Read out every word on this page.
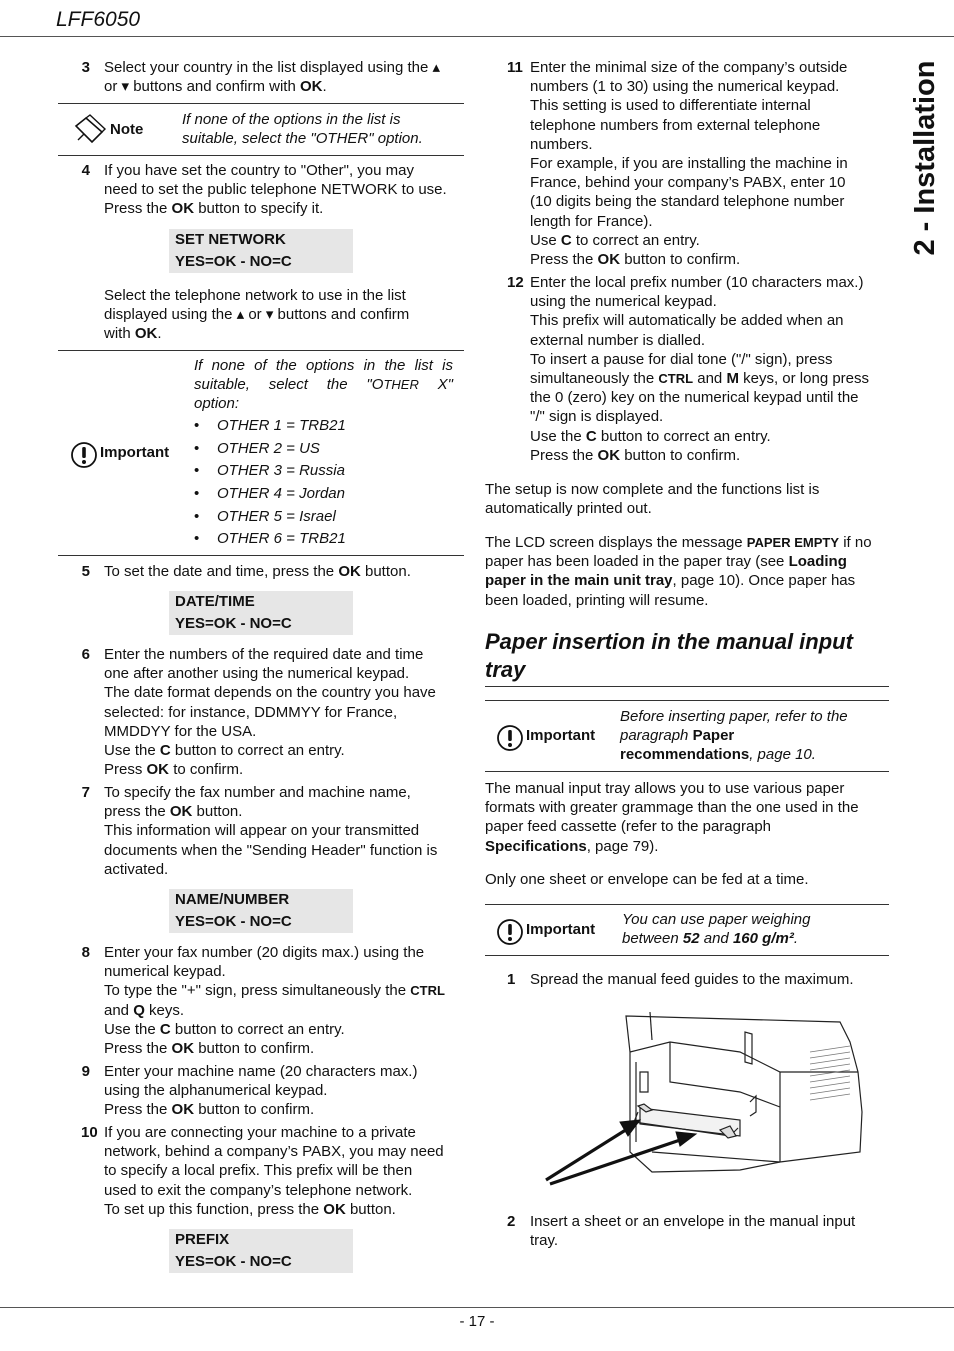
LFF6050
2 - Installation
3 Select your country in the list displayed using the ▴
or ▾ buttons and confirm with OK.
Note
If none of the options in the list is
suitable, select the "OTHER" option.
4 If you have set the country to "Other", you may
need to set the public telephone NETWORK to use.
Press the OK button to specify it.
SET NETWORK
YES=OK - NO=C
Select the telephone network to use in the list
displayed using the ▴ or ▾ buttons and confirm
with OK.
Important
If none of the options in the list is
suitable, select the "OTHER X"
option:
• OTHER 1 = TRB21
• OTHER 2 = US
• OTHER 3 = Russia
• OTHER 4 = Jordan
• OTHER 5 = Israel
• OTHER 6 = TRB21
5 To set the date and time, press the OK button.
DATE/TIME
YES=OK - NO=C
6 Enter the numbers of the required date and time
one after another using the numerical keypad.
The date format depends on the country you have
selected: for instance, DDMMYY for France,
MMDDYY for the USA.
Use the C button to correct an entry.
Press OK to confirm.
7 To specify the fax number and machine name,
press the OK button.
This information will appear on your transmitted
documents when the "Sending Header" function is
activated.
NAME/NUMBER
YES=OK - NO=C
8 Enter your fax number (20 digits max.) using the
numerical keypad.
To type the "+" sign, press simultaneously the CTRL
and Q keys.
Use the C button to correct an entry.
Press the OK button to confirm.
9 Enter your machine name (20 characters max.)
using the alphanumerical keypad.
Press the OK button to confirm.
10 If you are connecting your machine to a private
network, behind a company’s PABX, you may need
to specify a local prefix. This prefix will be then
used to exit the company’s telephone network.
To set up this function, press the OK button.
PREFIX
YES=OK - NO=C
11 Enter the minimal size of the company’s outside
numbers (1 to 30) using the numerical keypad.
This setting is used to differentiate internal
telephone numbers from external telephone
numbers.
For example, if you are installing the machine in
France, behind your company’s PABX, enter 10
(10 digits being the standard telephone number
length for France).
Use C to correct an entry.
Press the OK button to confirm.
12 Enter the local prefix number (10 characters max.)
using the numerical keypad.
This prefix will automatically be added when an
external number is dialled.
To insert a pause for dial tone ("/" sign), press
simultaneously the CTRL and M keys, or long press
the 0 (zero) key on the numerical keypad until the
"/" sign is displayed.
Use the C button to correct an entry.
Press the OK button to confirm.
The setup is now complete and the functions list is
automatically printed out.
The LCD screen displays the message PAPER EMPTY if no
paper has been loaded in the paper tray (see Loading
paper in the main unit tray, page 10). Once paper has
been loaded, printing will resume.
Paper insertion in the manual input
tray
Important
Before inserting paper, refer to the
paragraph Paper
recommendations, page 10.
The manual input tray allows you to use various paper
formats with greater grammage than the one used in the
paper feed cassette (refer to the paragraph
Specifications, page 79).
Only one sheet or envelope can be fed at a time.
Important
You can use paper weighing
between 52 and 160 g/m².
1 Spread the manual feed guides to the maximum.
2 Insert a sheet or an envelope in the manual input
tray.
- 17 -
